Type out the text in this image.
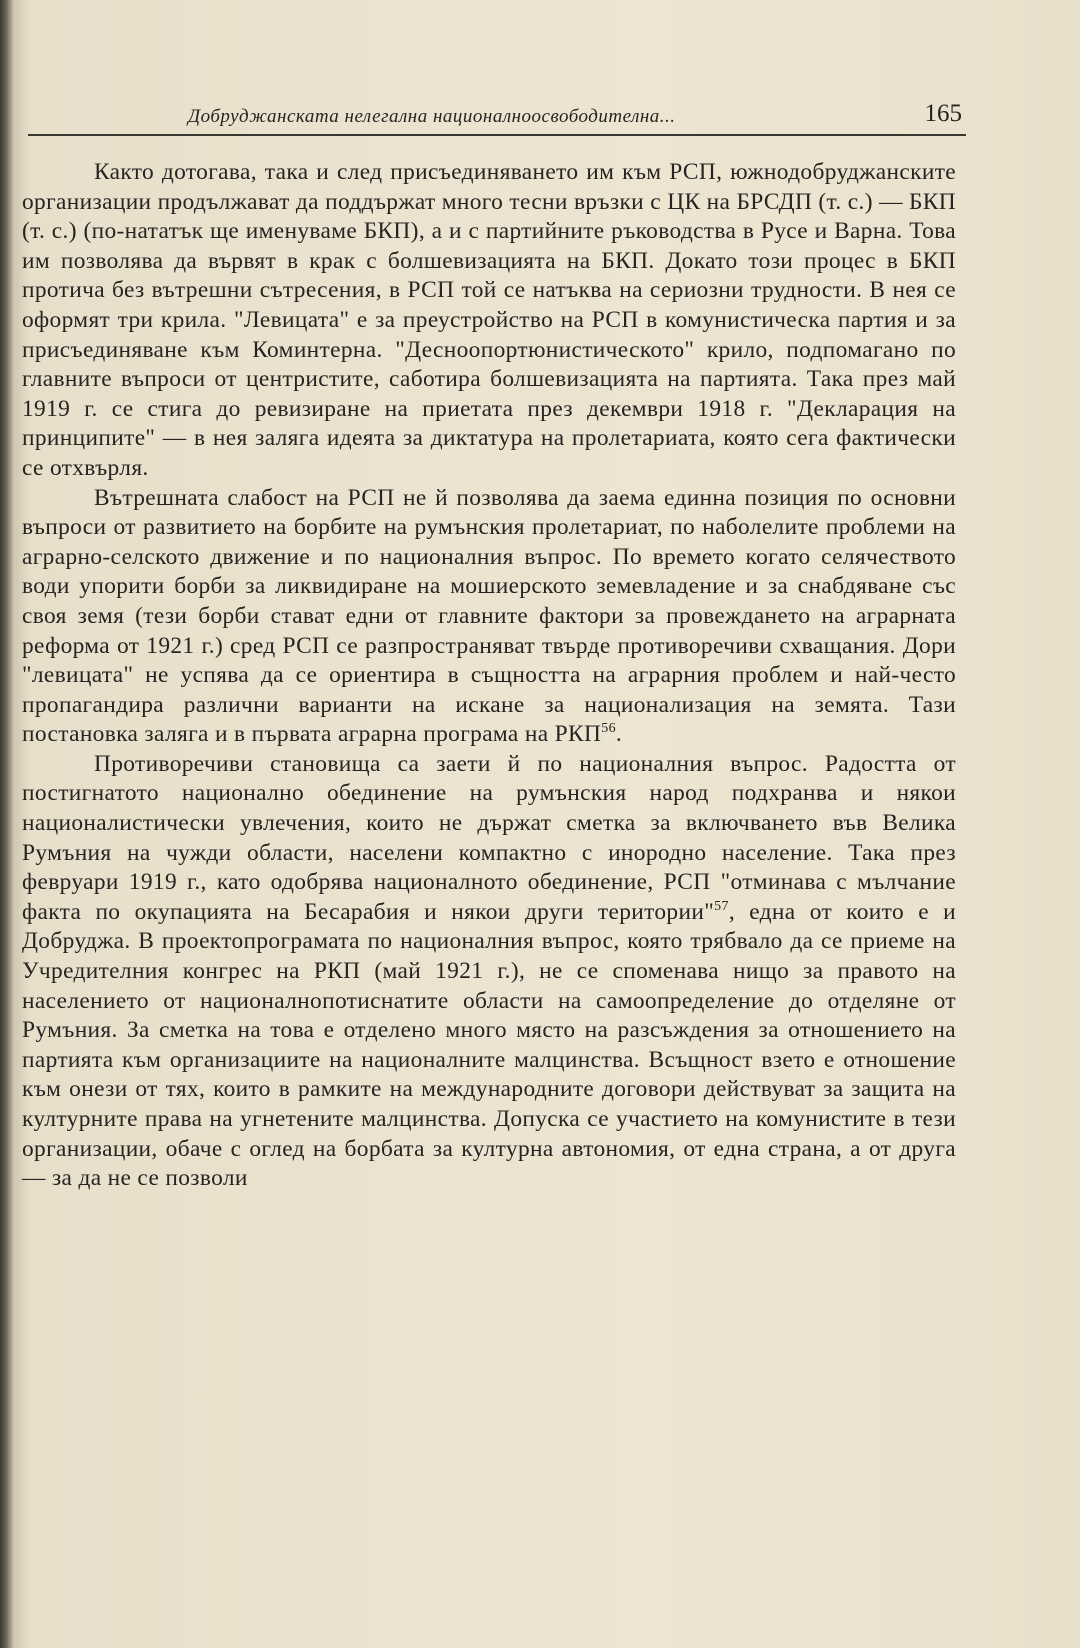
Добруджанската нелегална националноосвободителна...	165

Както дотогава, така и след присъединяването им към РСП, южнодобруджанските организации продължават да поддържат много тесни връзки с ЦК на БРСДП (т. с.) — БКП (т. с.) (по-нататък ще именуваме БКП), а и с партийните ръководства в Русе и Варна. Това им позволява да вървят в крак с болшевизацията на БКП. Докато този процес в БКП протича без вътрешни сътресения, в РСП той се натъква на сериозни трудности. В нея се оформят три крила. "Левицата" е за преустройство на РСП в комунистическа партия и за присъединяване към Коминтерна. "Десноопортюнистическото" крило, подпомагано по главните въпроси от центристите, саботира болшевизацията на партията. Така през май 1919 г. се стига до ревизиране на приетата през декември 1918 г. "Декларация на принципите" — в нея заляга идеята за диктатура на пролетариата, която сега фактически се отхвърля.

Вътрешната слабост на РСП не й позволява да заема единна позиция по основни въпроси от развитието на борбите на румънския пролетариат, по наболелите проблеми на аграрно-селското движение и по националния въпрос. По времето когато селячеството води упорити борби за ликвидиране на мошиерското земевладение и за снабдяване със своя земя (тези борби стават едни от главните фактори за провеждането на аграрната реформа от 1921 г.) сред РСП се разпространяват твърде противоречиви схващания. Дори "левицата" не успява да се ориентира в същността на аграрния проблем и най-често пропагандира различни варианти на искане за национализация на земята. Тази постановка заляга и в първата аграрна програма на РКП$^{56}$.

Противоречиви становища са заети й по националния въпрос. Радостта от постигнатото национално обединение на румънския народ подхранва и някои националистически увлечения, които не държат сметка за включването във Велика Румъния на чужди области, населени компактно с инородно население. Така през февруари 1919 г., като одобрява националното обединение, РСП "отминава с мълчание факта по окупацията на Бесарабия и някои други територии"$^{57}$, една от които е и Добруджа. В проектопрограмата по националния въпрос, която трябвало да се приеме на Учредителния конгрес на РКП (май 1921 г.), не се споменава нищо за правото на населението от националнопотиснатите области на самоопределение до отделяне от Румъния. За сметка на това е отделено много място на разсъждения за отношението на партията към организациите на националните малцинства. Всъщност взето е отношение към онези от тях, които в рамките на международните договори действуват за защита на културните права на угнетените малцинства. Допуска се участието на комунистите в тези организации, обаче с оглед на борбата за културна автономия, от една страна, а от друга — за да не се позволи
